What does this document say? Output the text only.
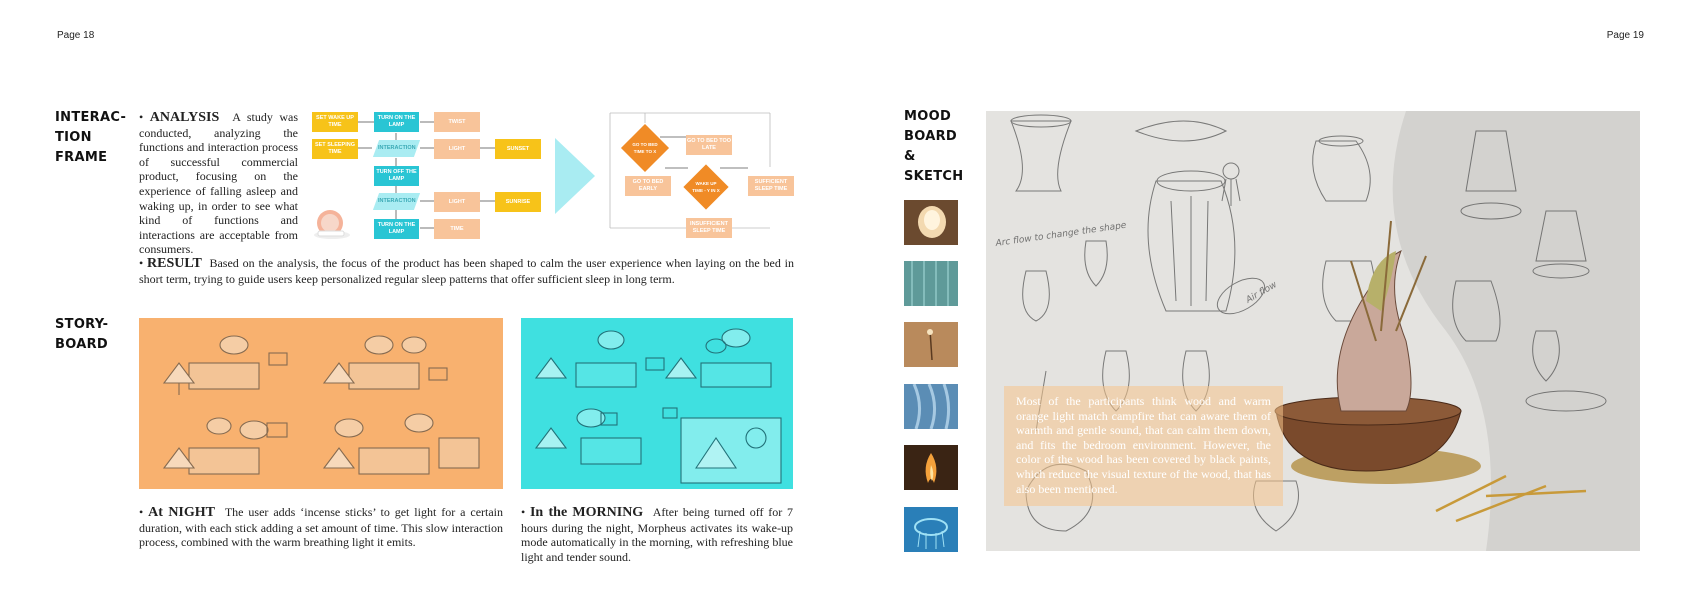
Page 18	Page 19
INTERAC-
TION
FRAME
• ANALYSIS A study was conducted, analyzing the functions and interaction process of successful commercial product, focusing on the experience of falling asleep and waking up, in order to see what kind of functions and interactions are acceptable from consumers.
SET WAKE UP TIME
SET SLEEPING TIME
TURN ON THE LAMP
INTERACTION
TURN OFF THE LAMP
INTERACTION
TURN ON THE LAMP
TWIST
LIGHT	SUNSET
LIGHT	SUNRISE
TIME
GO TO BED TIME TO X
GO TO BED TOO LATE
GO TO BED EARLY
WAKE UP TIME - Y IN X
SUFFICIENT SLEEP TIME
INSUFFICIENT SLEEP TIME
• RESULT Based on the analysis, the focus of the product has been shaped to calm the user experience when laying on the bed in short term, trying to guide users keep personalized regular sleep patterns that offer sufficient sleep in long term.
STORY-
BOARD
• At NIGHT The user adds ‘incense sticks’ to get light for a certain duration, with each stick adding a set amount of time. This slow interaction process, combined with the warm breathing light it emits.
• In the MORNING After being turned off for 7 hours during the night, Morpheus activates its wake-up mode automatically in the morning, with refreshing blue light and tender sound.
MOOD
BOARD
&
SKETCH
Arc flow to change the shape
Air flow
Most of the participants think wood and warm orange light match campfire that can aware them of warmth and gentle sound, that can calm them down, and fits the bedroom environment. However, the color of the wood has been covered by black paints, which reduce the visual texture of the wood, that has also been mentioned.
